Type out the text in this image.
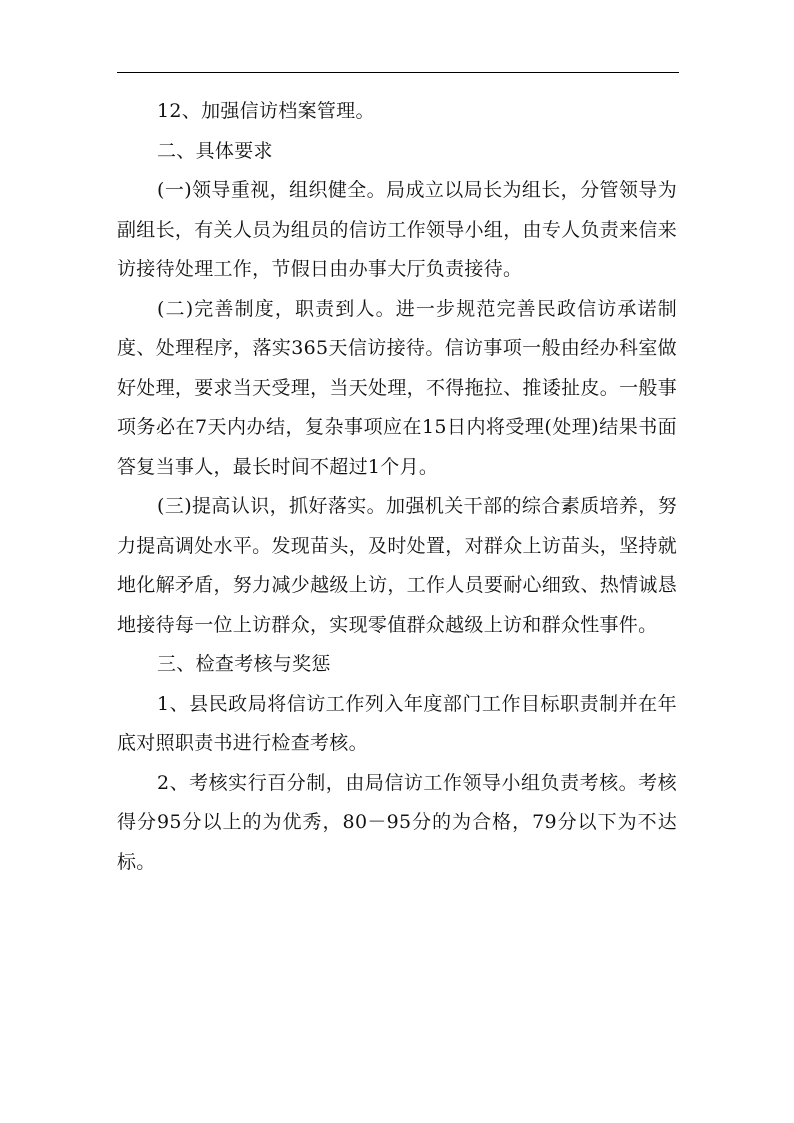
12、加强信访档案管理。

二、具体要求

(一)领导重视，组织健全。局成立以局长为组长，分管领导为副组长，有关人员为组员的信访工作领导小组，由专人负责来信来访接待处理工作，节假日由办事大厅负责接待。

(二)完善制度，职责到人。进一步规范完善民政信访承诺制度、处理程序，落实365天信访接待。信访事项一般由经办科室做好处理，要求当天受理，当天处理，不得拖拉、推诿扯皮。一般事项务必在7天内办结，复杂事项应在15日内将受理(处理)结果书面答复当事人，最长时间不超过1个月。

(三)提高认识，抓好落实。加强机关干部的综合素质培养，努力提高调处水平。发现苗头，及时处置，对群众上访苗头，坚持就地化解矛盾，努力减少越级上访，工作人员要耐心细致、热情诚恳地接待每一位上访群众，实现零值群众越级上访和群众性事件。

三、检查考核与奖惩

1、县民政局将信访工作列入年度部门工作目标职责制并在年底对照职责书进行检查考核。

2、考核实行百分制，由局信访工作领导小组负责考核。考核得分95分以上的为优秀，80－95分的为合格，79分以下为不达标。
